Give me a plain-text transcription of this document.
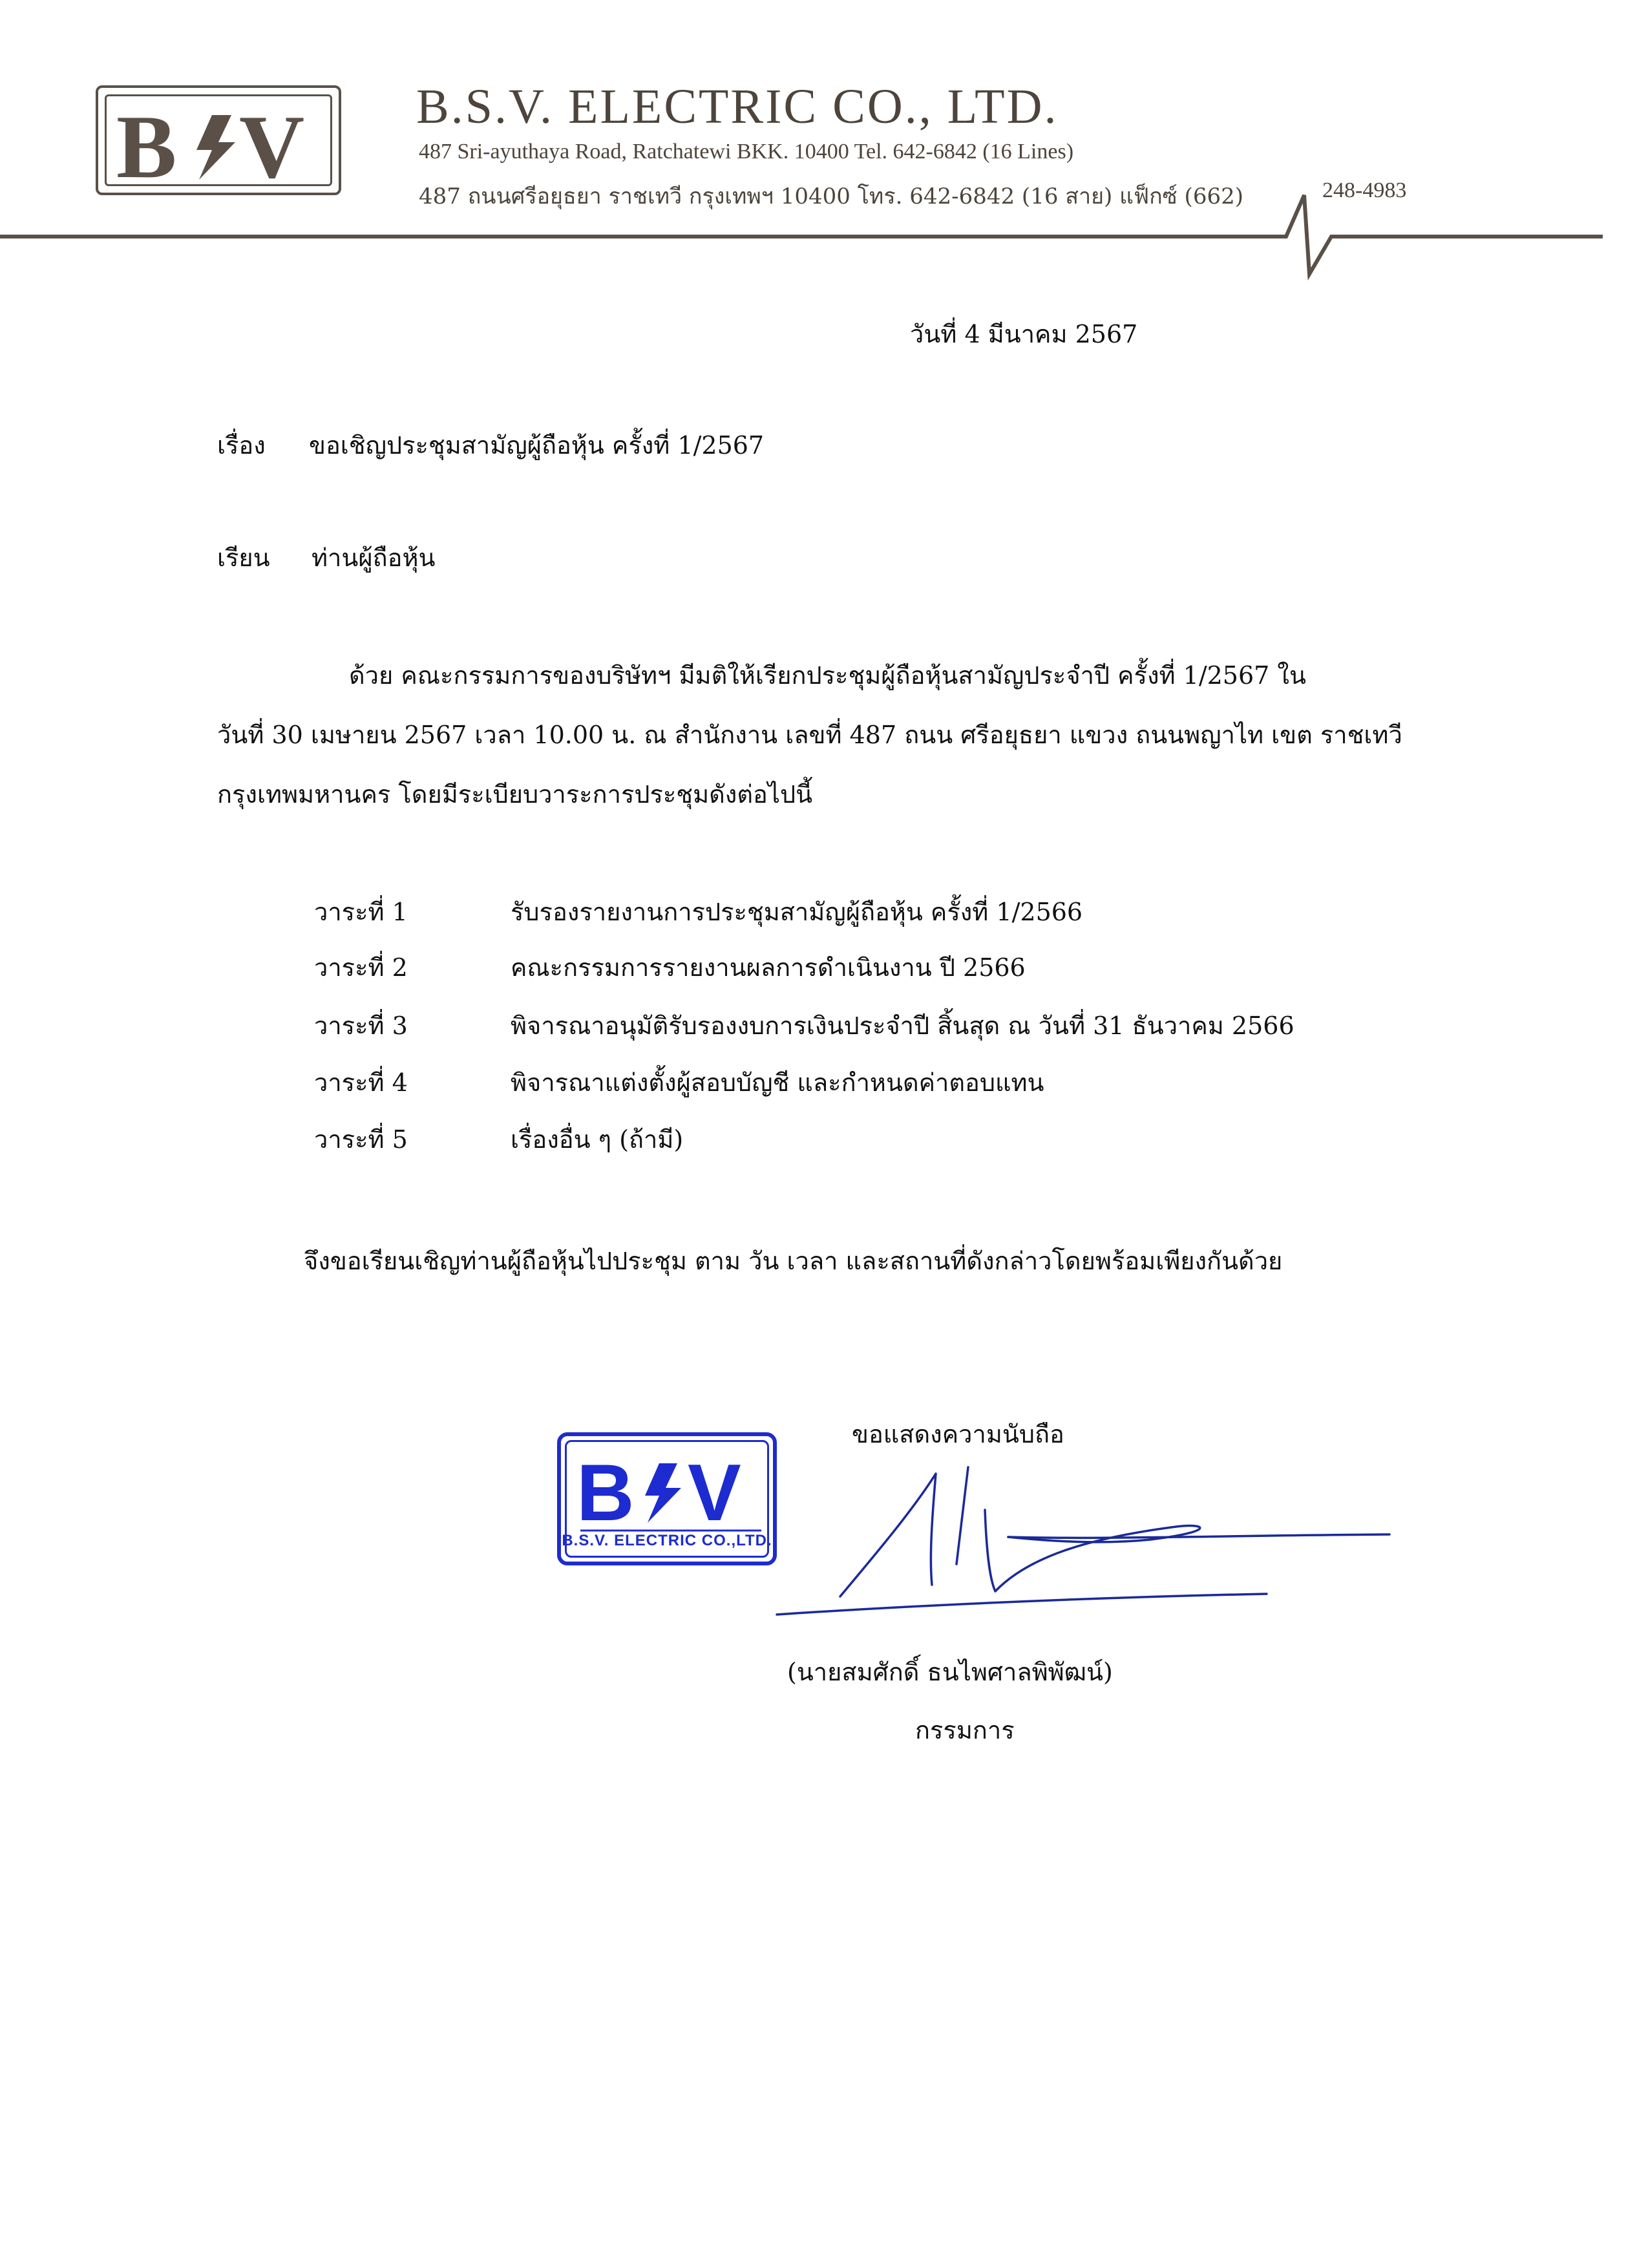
B V B.S.V. ELECTRIC CO., LTD.
487 Sri-ayuthaya Road, Ratchatewi BKK. 10400 Tel. 642-6842 (16 Lines)
487 ถนนศรีอยุธยา ราชเทวี กรุงเทพฯ 10400 โทร. 642-6842 (16 สาย) แฟ็กซ์ (662)	248-4983
วันที่ 4 มีนาคม 2567
เรื่อง ขอเชิญประชุมสามัญผู้ถือหุ้น ครั้งที่ 1/2567
เรียน ท่านผู้ถือหุ้น
ด้วย คณะกรรมการของบริษัทฯ มีมติให้เรียกประชุมผู้ถือหุ้นสามัญประจำปี ครั้งที่ 1/2567 ใน
วันที่ 30 เมษายน 2567 เวลา 10.00 น. ณ สำนักงาน เลขที่ 487 ถนน ศรีอยุธยา แขวง ถนนพญาไท เขต ราชเทวี
กรุงเทพมหานคร โดยมีระเบียบวาระการประชุมดังต่อไปนี้
วาระที่ 1	รับรองรายงานการประชุมสามัญผู้ถือหุ้น ครั้งที่ 1/2566
วาระที่ 2	คณะกรรมการรายงานผลการดำเนินงาน ปี 2566
วาระที่ 3	พิจารณาอนุมัติรับรองงบการเงินประจำปี สิ้นสุด ณ วันที่ 31 ธันวาคม 2566
วาระที่ 4	พิจารณาแต่งตั้งผู้สอบบัญชี และกำหนดค่าตอบแทน
วาระที่ 5	เรื่องอื่น ๆ (ถ้ามี)
จึงขอเรียนเชิญท่านผู้ถือหุ้นไปประชุม ตาม วัน เวลา และสถานที่ดังกล่าวโดยพร้อมเพียงกันด้วย
ขอแสดงความนับถือ
B V
B.S.V. ELECTRIC CO.,LTD.
(นายสมศักดิ์ ธนไพศาลพิพัฒน์)
กรรมการ
